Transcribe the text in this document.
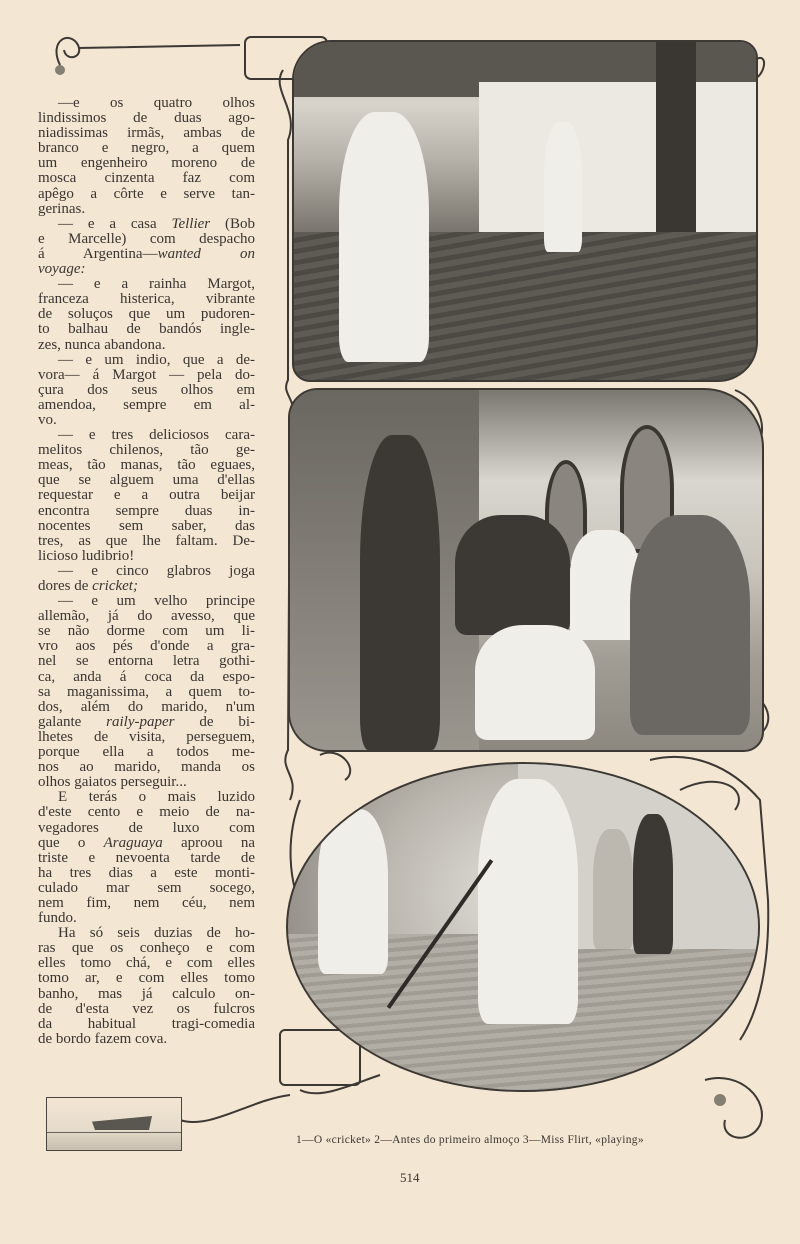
—e os quatro olhos
lindissimos de duas ago-
niadissimas irmãs, ambas de
branco e negro, a quem
um engenheiro moreno de
mosca cinzenta faz com
apêgo a côrte e serve tan-
gerinas.
— e a casa Tellier (Bob
e Marcelle) com despacho
á Argentina—wanted on
voyage:
— e a rainha Margot,
franceza histerica, vibrante
de soluços que um pudoren-
to balhau de bandós ingle-
zes, nunca abandona.
— e um indio, que a de-
vora— á Margot — pela do-
çura dos seus olhos em
amendoa, sempre em al-
vo.
— e tres deliciosos cara-
melitos chilenos, tão ge-
meas, tão manas, tão eguaes,
que se alguem uma d'ellas
requestar e a outra beijar
encontra sempre duas in-
nocentes sem saber, das
tres, as que lhe faltam. De-
licioso ludibrio!
— e cinco glabros joga
dores de cricket;
— e um velho principe
allemão, já do avesso, que
se não dorme com um li-
vro aos pés d'onde a gra-
nel se entorna letra gothi-
ca, anda á coca da espo-
sa maganissima, a quem to-
dos, além do marido, n'um
galante raily-paper de bi-
lhetes de visita, perseguem,
porque ella a todos me-
nos ao marido, manda os
olhos gaiatos perseguir...
E terás o mais luzido
d'este cento e meio de na-
vegadores de luxo com
que o Araguaya aproou na
triste e nevoenta tarde de
ha tres dias a este monti-
culado mar sem socego,
nem fim, nem céu, nem
fundo.
Ha só seis duzias de ho-
ras que os conheço e com
elles tomo chá, e com elles
tomo ar, e com elles tomo
banho, mas já calculo on-
de d'esta vez os fulcros
da habitual tragi-comedia
de bordo fazem cova.
1—O «cricket» 2—Antes do primeiro almoço 3—Miss Flirt, «playing»
514
